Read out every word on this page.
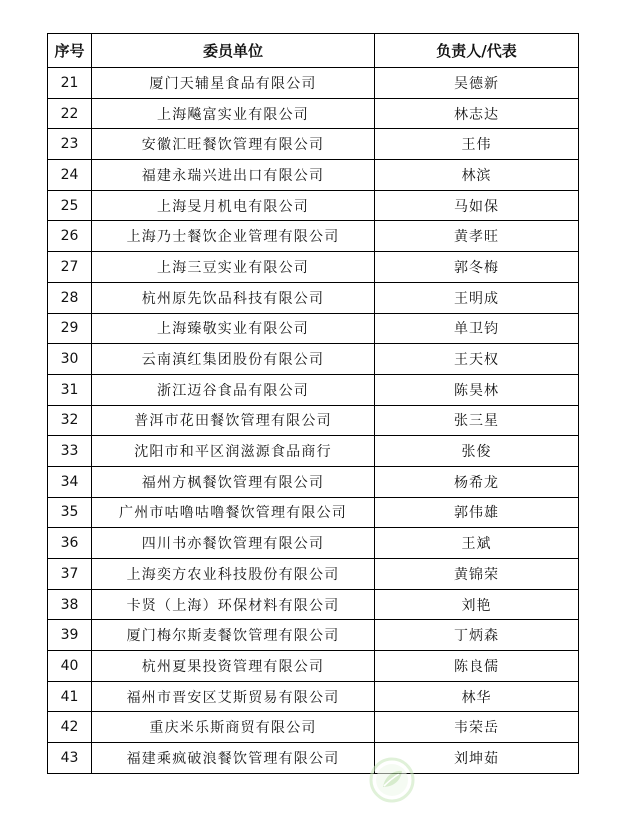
序号	委员单位	负责人/代表
21	厦门天辅星食品有限公司	吴德新
22	上海飚富实业有限公司	林志达
23	安徽汇旺餐饮管理有限公司	王伟
24	福建永瑞兴进出口有限公司	林滨
25	上海旻月机电有限公司	马如保
26	上海乃士餐饮企业管理有限公司	黄孝旺
27	上海三豆实业有限公司	郭冬梅
28	杭州原先饮品科技有限公司	王明成
29	上海臻敬实业有限公司	单卫钧
30	云南滇红集团股份有限公司	王天权
31	浙江迈谷食品有限公司	陈昊林
32	普洱市花田餐饮管理有限公司	张三星
33	沈阳市和平区润滋源食品商行	张俊
34	福州方枫餐饮管理有限公司	杨希龙
35	广州市咕噜咕噜餐饮管理有限公司	郭伟雄
36	四川书亦餐饮管理有限公司	王斌
37	上海奕方农业科技股份有限公司	黄锦荣
38	卡贤（上海）环保材料有限公司	刘艳
39	厦门梅尔斯麦餐饮管理有限公司	丁炳森
40	杭州夏果投资管理有限公司	陈良儒
41	福州市晋安区艾斯贸易有限公司	林华
42	重庆米乐斯商贸有限公司	韦荣岳
43	福建乘疯破浪餐饮管理有限公司	刘坤茹
